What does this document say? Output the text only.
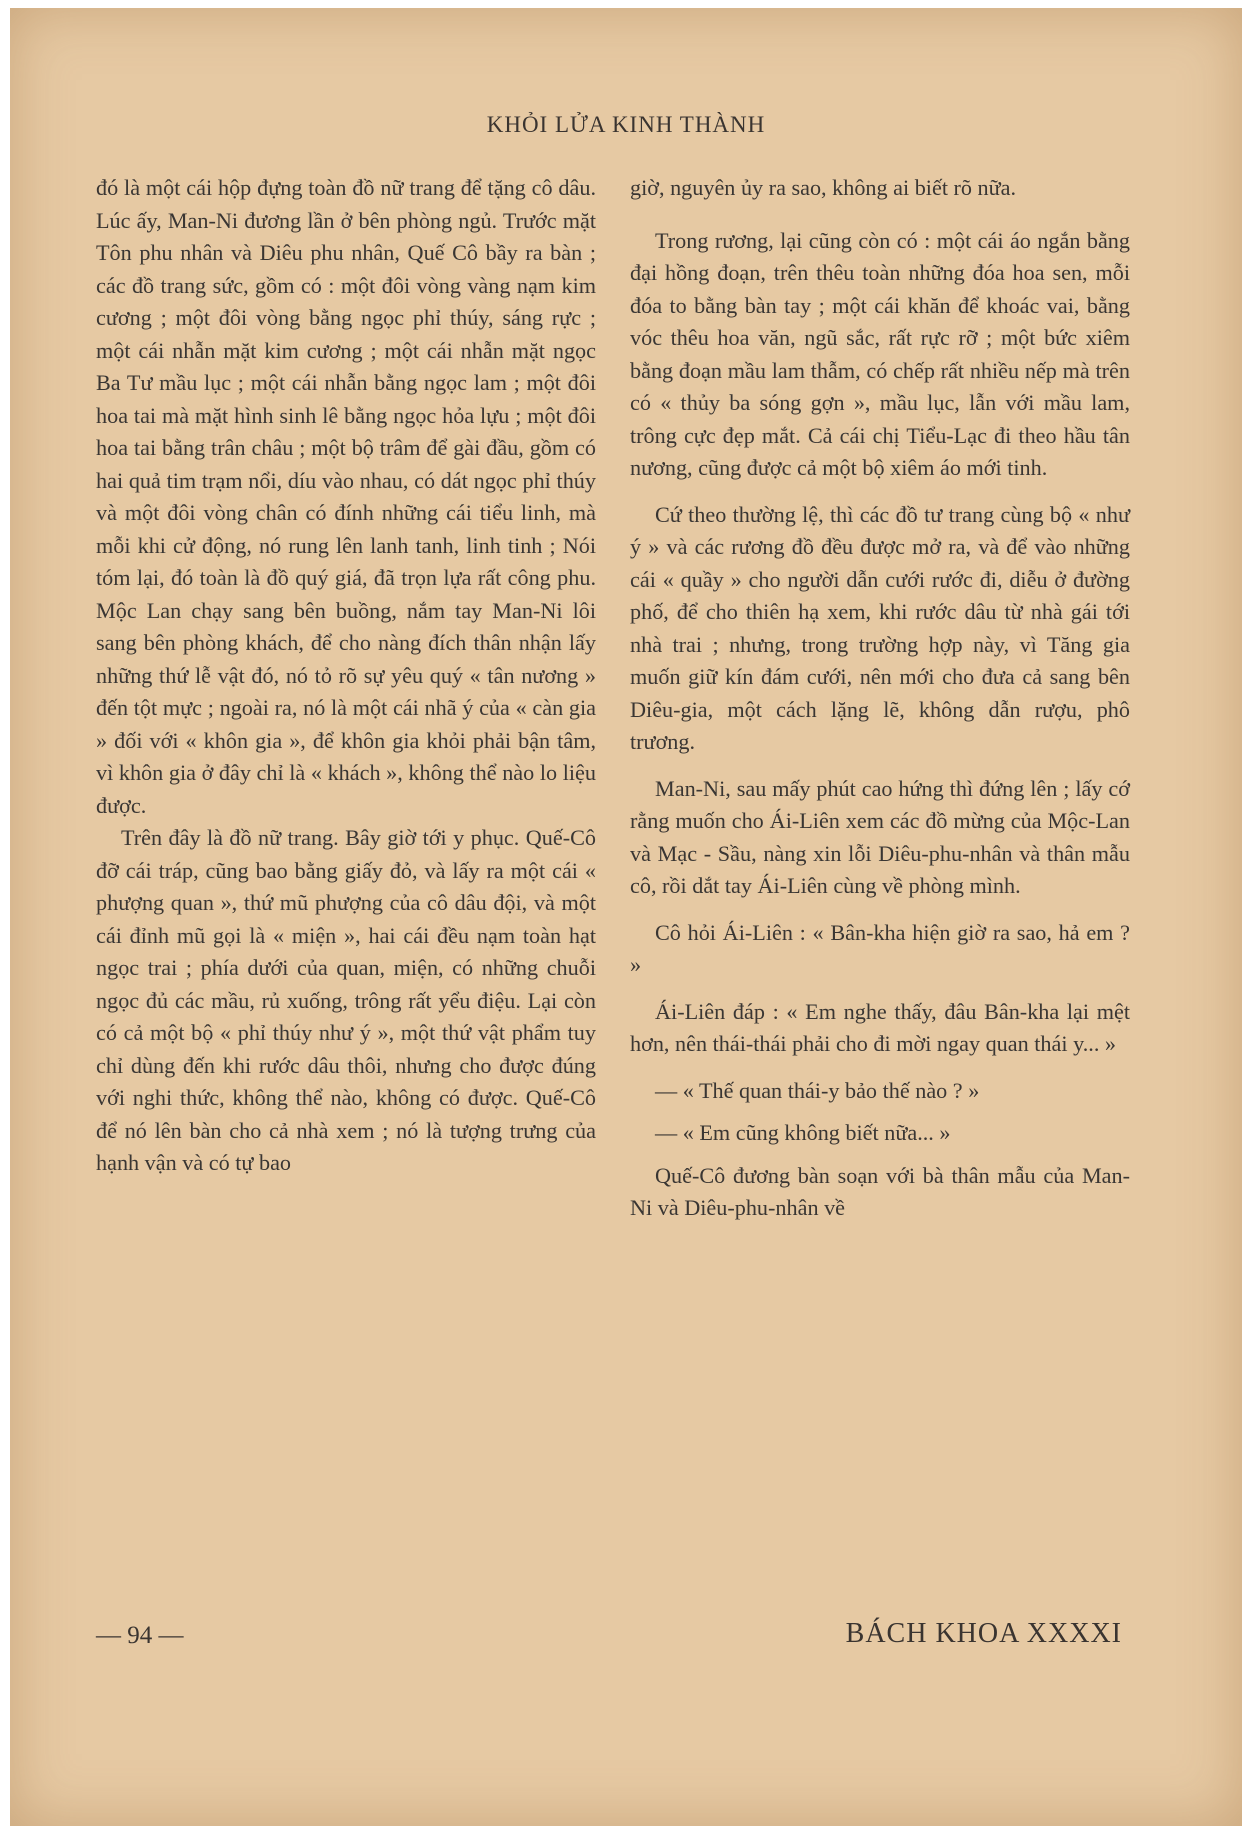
KHỎI LỬA KINH THÀNH

đó là một cái hộp đựng toàn đồ nữ trang để tặng cô dâu. Lúc ấy, Man-Ni đương lần ở bên phòng ngủ. Trước mặt Tôn phu nhân và Diêu phu nhân, Quế Cô bầy ra bàn ; các đồ trang sức, gồm có : một đôi vòng vàng nạm kim cương ; một đôi vòng bằng ngọc phỉ thúy, sáng rực ; một cái nhẫn mặt kim cương ; một cái nhẫn mặt ngọc Ba Tư mầu lục ; một cái nhẫn bằng ngọc lam ; một đôi hoa tai mà mặt hình sinh lê bằng ngọc hỏa lựu ; một đôi hoa tai bằng trân châu ; một bộ trâm để gài đầu, gồm có hai quả tim trạm nổi, díu vào nhau, có dát ngọc phỉ thúy và một đôi vòng chân có đính những cái tiểu linh, mà mỗi khi cử động, nó rung lên lanh tanh, linh tinh ; Nói tóm lại, đó toàn là đồ quý giá, đã trọn lựa rất công phu. Mộc Lan chạy sang bên buồng, nắm tay Man-Ni lôi sang bên phòng khách, để cho nàng đích thân nhận lấy những thứ lễ vật đó, nó tỏ rõ sự yêu quý « tân nương » đến tột mực ; ngoài ra, nó là một cái nhã ý của « càn gia » đối với « khôn gia », để khôn gia khỏi phải bận tâm, vì khôn gia ở đây chỉ là « khách », không thể nào lo liệu được.

Trên đây là đồ nữ trang. Bây giờ tới y phục. Quế-Cô đỡ cái tráp, cũng bao bằng giấy đỏ, và lấy ra một cái « phượng quan », thứ mũ phượng của cô dâu đội, và một cái đỉnh mũ gọi là « miện », hai cái đều nạm toàn hạt ngọc trai ; phía dưới của quan, miện, có những chuỗi ngọc đủ các mầu, rủ xuống, trông rất yểu điệu. Lại còn có cả một bộ « phỉ thúy như ý », một thứ vật phẩm tuy chỉ dùng đến khi rước dâu thôi, nhưng cho được đúng với nghi thức, không thể nào, không có được. Quế-Cô để nó lên bàn cho cả nhà xem ; nó là tượng trưng của hạnh vận và có tự bao

giờ, nguyên ủy ra sao, không ai biết rõ nữa.

Trong rương, lại cũng còn có : một cái áo ngắn bằng đại hồng đoạn, trên thêu toàn những đóa hoa sen, mỗi đóa to bằng bàn tay ; một cái khăn để khoác vai, bằng vóc thêu hoa văn, ngũ sắc, rất rực rỡ ; một bức xiêm bằng đoạn mầu lam thẫm, có chếp rất nhiều nếp mà trên có « thủy ba sóng gợn », mầu lục, lẫn với mầu lam, trông cực đẹp mắt. Cả cái chị Tiểu-Lạc đi theo hầu tân nương, cũng được cả một bộ xiêm áo mới tinh.

Cứ theo thường lệ, thì các đồ tư trang cùng bộ « như ý » và các rương đồ đều được mở ra, và để vào những cái « quầy » cho người dẫn cưới rước đi, diễu ở đường phố, để cho thiên hạ xem, khi rước dâu từ nhà gái tới nhà trai ; nhưng, trong trường hợp này, vì Tăng gia muốn giữ kín đám cưới, nên mới cho đưa cả sang bên Diêu-gia, một cách lặng lẽ, không dẫn rượu, phô trương.

Man-Ni, sau mấy phút cao hứng thì đứng lên ; lấy cớ rằng muốn cho Ái-Liên xem các đồ mừng của Mộc-Lan và Mạc - Sầu, nàng xin lỗi Diêu-phu-nhân và thân mẫu cô, rồi dắt tay Ái-Liên cùng về phòng mình.

Cô hỏi Ái-Liên : « Bân-kha hiện giờ ra sao, hả em ? »

Ái-Liên đáp : « Em nghe thấy, đâu Bân-kha lại mệt hơn, nên thái-thái phải cho đi mời ngay quan thái y... »

— « Thế quan thái-y bảo thế nào ? »

— « Em cũng không biết nữa... »

Quế-Cô đương bàn soạn với bà thân mẫu của Man-Ni và Diêu-phu-nhân về

— 94 —	BÁCH KHOA XXXXI
